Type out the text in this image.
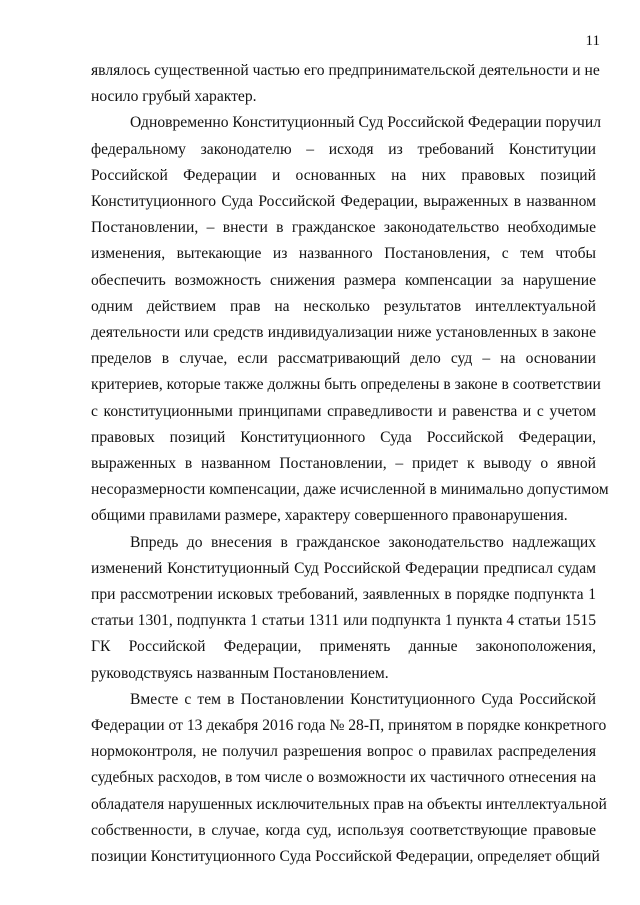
11
являлось существенной частью его предпринимательской деятельности и не
носило грубый характер.
Одновременно Конституционный Суд Российской Федерации поручил
федеральному законодателю – исходя из требований Конституции
Российской Федерации и основанных на них правовых позиций
Конституционного Суда Российской Федерации, выраженных в названном
Постановлении, – внести в гражданское законодательство необходимые
изменения, вытекающие из названного Постановления, с тем чтобы
обеспечить возможность снижения размера компенсации за нарушение
одним действием прав на несколько результатов интеллектуальной
деятельности или средств индивидуализации ниже установленных в законе
пределов в случае, если рассматривающий дело суд – на основании
критериев, которые также должны быть определены в законе в соответствии
с конституционными принципами справедливости и равенства и с учетом
правовых позиций Конституционного Суда Российской Федерации,
выраженных в названном Постановлении, – придет к выводу о явной
несоразмерности компенсации, даже исчисленной в минимально допустимом
общими правилами размере, характеру совершенного правонарушения.
Впредь до внесения в гражданское законодательство надлежащих
изменений Конституционный Суд Российской Федерации предписал судам
при рассмотрении исковых требований, заявленных в порядке подпункта 1
статьи 1301, подпункта 1 статьи 1311 или подпункта 1 пункта 4 статьи 1515
ГК Российской Федерации, применять данные законоположения,
руководствуясь названным Постановлением.
Вместе с тем в Постановлении Конституционного Суда Российской
Федерации от 13 декабря 2016 года № 28-П, принятом в порядке конкретного
нормоконтроля, не получил разрешения вопрос о правилах распределения
судебных расходов, в том числе о возможности их частичного отнесения на
обладателя нарушенных исключительных прав на объекты интеллектуальной
собственности, в случае, когда суд, используя соответствующие правовые
позиции Конституционного Суда Российской Федерации, определяет общий
